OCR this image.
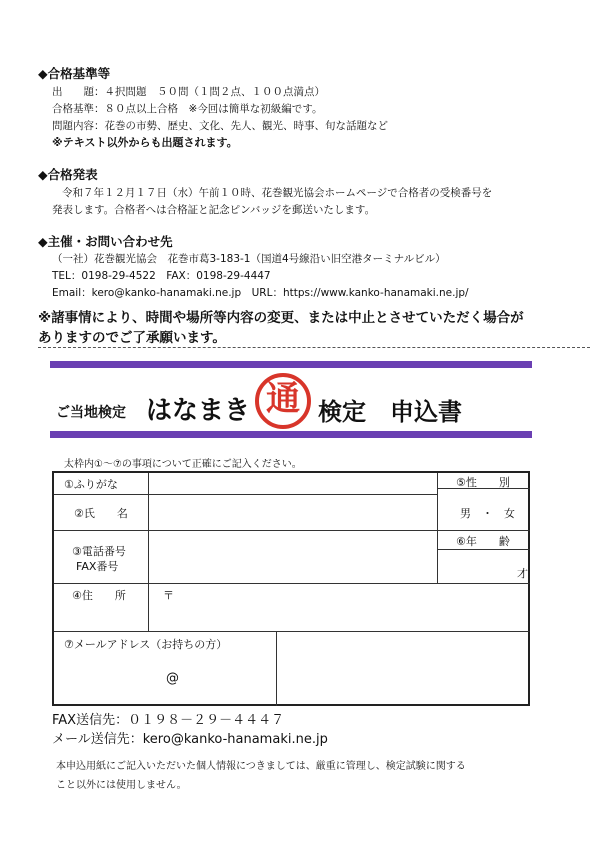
◆合格基準等
出　　題：４択問題　５０問（１問２点、１００点満点）
合格基準：８０点以上合格　※今回は簡単な初級編です。
問題内容：花巻の市勢、歴史、文化、先人、観光、時事、旬な話題など
※テキスト以外からも出題されます。
◆合格発表
令和７年１２月１７日（水）午前１０時、花巻観光協会ホームページで合格者の受検番号を
発表します。合格者へは合格証と記念ピンバッジを郵送いたします。
◆主催・お問い合わせ先
（一社）花巻観光協会　花巻市葛3-183-1（国道4号線沿い旧空港ターミナルビル）
TEL：0198-29-4522　FAX：0198-29-4447
Email：kero@kanko-hanamaki.ne.jp　URL：https://www.kanko-hanamaki.ne.jp/
※諸事情により、時間や場所等内容の変更、または中止とさせていただく場合が
ありますのでご了承願います。
ご当地検定 はなまき 通 検定　申込書
太枠内①～⑦の事項について正確にご記入ください。
①ふりがな
②氏　　名
⑤性　　別
男　・　女
③電話番号
FAX番号
⑥年　　齢
才
④住　　所	〒
⑦メールアドレス（お持ちの方）
@
FAX送信先：０１９８－２９－４４４７
メール送信先：kero@kanko-hanamaki.ne.jp
本申込用紙にご記入いただいた個人情報につきましては、厳重に管理し、検定試験に関する
こと以外には使用しません。
